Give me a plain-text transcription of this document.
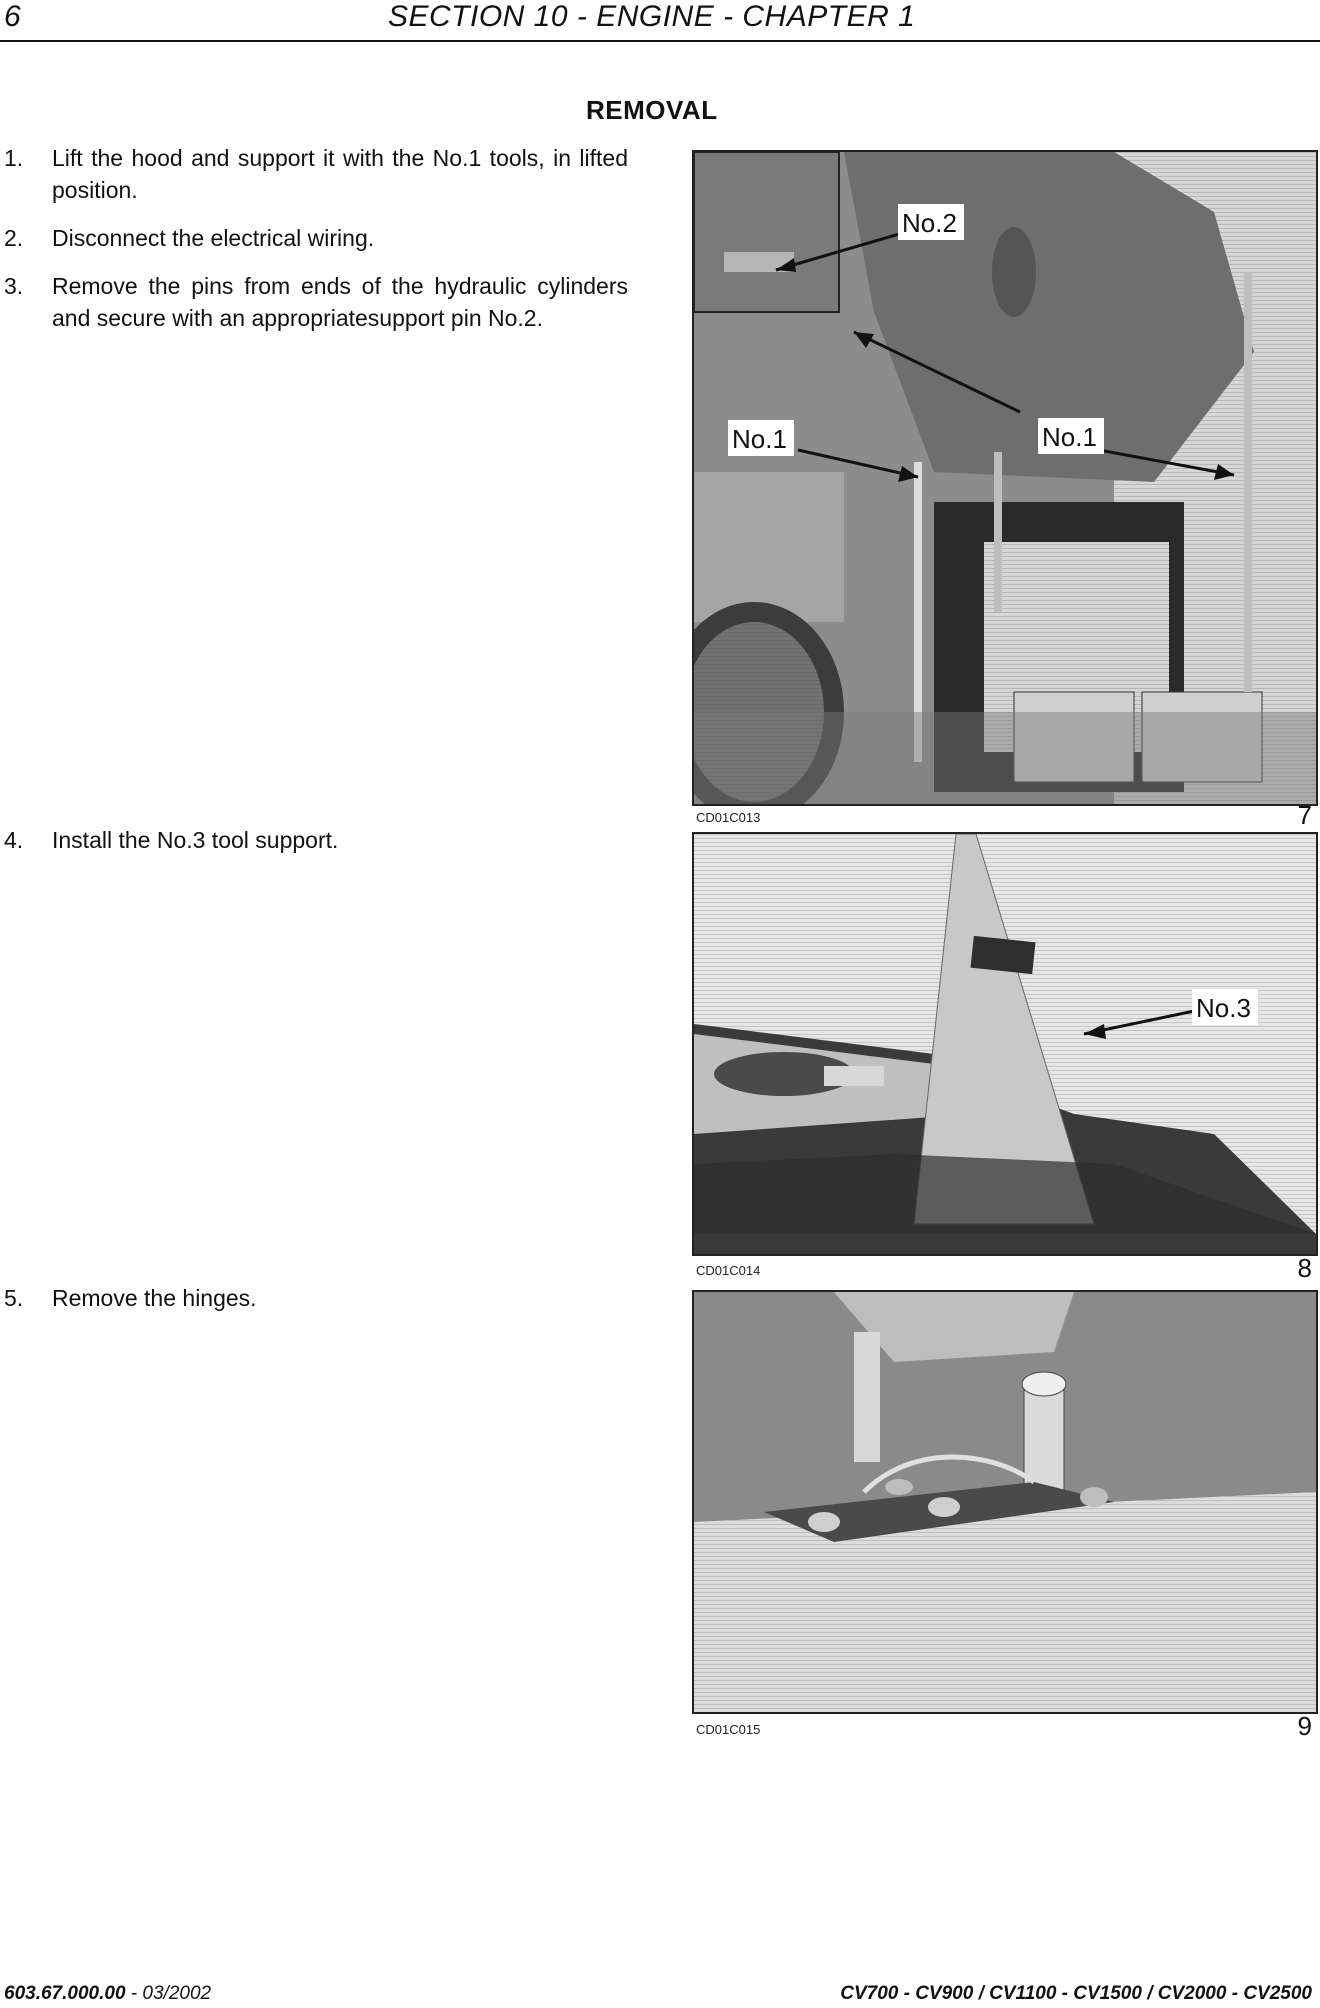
6	SECTION 10 - ENGINE - CHAPTER 1
REMOVAL
1.	Lift the hood and support it with the No.1 tools, in lifted position.
2.	Disconnect the electrical wiring.
3.	Remove the pins from ends of the hydraulic cylinders and secure with an appropriatesupport pin No.2.
4.	Install the No.3 tool support.
5.	Remove the hinges.
No.2
No.1	No.1
CD01C013	7
No.3
CD01C014	8
CD01C015	9
603.67.000.00 - 03/2002	CV700 - CV900 / CV1100 - CV1500 / CV2000 - CV2500
